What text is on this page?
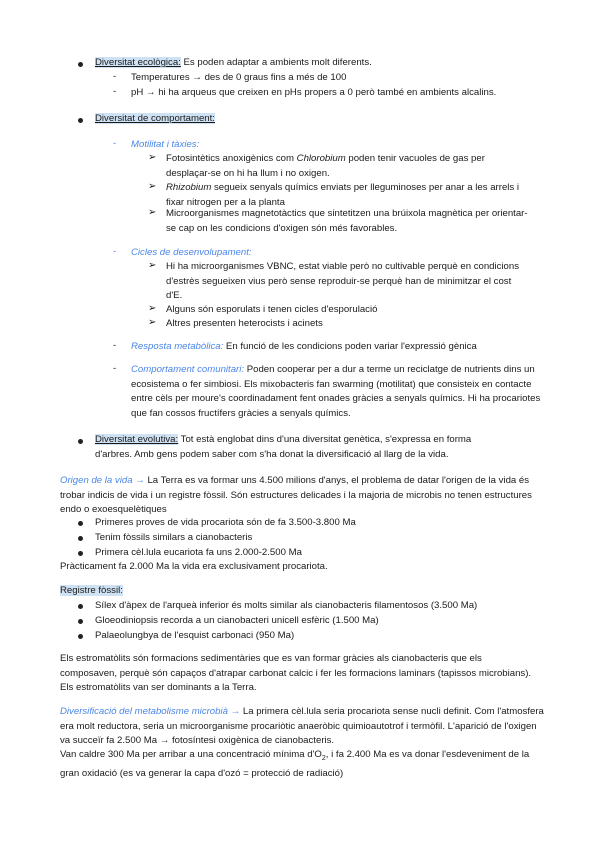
Diversitat ecològica: Es poden adaptar a ambients molt diferents.
- Temperatures → des de 0 graus fins a més de 100
- pH → hi ha arqueus que creixen en pHs propers a 0 però també en ambients alcalins.
Diversitat de comportament:
- Motilitat i tàxies:
➢ Fotosintètics anoxigènics com Chlorobium poden tenir vacuoles de gas per desplaçar-se on hi ha llum i no oxigen.
➢ Rhizobium segueix senyals químics enviats per lleguminoses per anar a les arrels i fixar nitrogen per a la planta
➢ Microorganismes magnetotàctics que sintetitzen una brúixola magnètica per orientar-se cap on les condicions d'oxigen són més favorables.
- Cicles de desenvolupament:
➢ Hi ha microorganismes VBNC, estat viable però no cultivable perquè en condicions d'estrès segueixen vius però sense reproduir-se perquè han de minimitzar el cost d'E.
➢ Alguns són esporulats i tenen cicles d'esporulació
➢ Altres presenten heterocists i acinets
- Resposta metabòlica: En funció de les condicions poden variar l'expressió gènica
- Comportament comunitari: Poden cooperar per a dur a terme un reciclatge de nutrients dins un ecosistema o fer simbiosi. Els mixobacteris fan swarming (motilitat) que consisteix en contacte entre cèls per moure's coordinadament fent onades gràcies a senyals químics. Hi ha procariotes que fan cossos fructífers gràcies a senyals químics.
Diversitat evolutiva: Tot està englobat dins d'una diversitat genètica, s'expressa en forma d'arbres. Amb gens podem saber com s'ha donat la diversificació al llarg de la vida.
Origen de la vida → La Terra es va formar uns 4.500 milions d'anys, el problema de datar l'origen de la vida és trobar indicis de vida i un registre fòssil. Són estructures delicades i la majoria de microbis no tenen estructures endo o exoesquelètiques
Primeres proves de vida procariota són de fa 3.500-3.800 Ma
Tenim fòssils similars a cianobacteris
Primera cèl.lula eucariota fa uns 2.000-2.500 Ma
Pràcticament fa 2.000 Ma la vida era exclusivament procariota.
Registre fòssil:
Sílex d'àpex de l'arqueà inferior és molts similar als cianobacteris filamentosos (3.500 Ma)
Gloeodiniopsis recorda a un cianobacteri unicell esfèric (1.500 Ma)
Palaeolungbya de l'esquist carbonaci (950 Ma)
Els estromatòlits són formacions sedimentàries que es van formar gràcies als cianobacteris que els composaven, perquè són capaços d'atrapar carbonat calcic i fer les formacions laminars (tapissos microbians). Els estromatòlits van ser dominants a la Terra.
Diversificació del metabolisme microbià → La primera cèl.lula seria procariota sense nucli definit. Com l'atmosfera era molt reductora, seria un microorganisme procariòtic anaeròbic quimioautotrof i termòfil. L'aparició de l'oxigen va succeïr fa 2.500 Ma → fotosíntesi oxigènica de cianobacteris.
Van caldre 300 Ma per arribar a una concentració mínima $d'O_2$, i fa 2.400 Ma es va donar l'esdeveniment de la gran oxidació (es va generar la capa d'ozó = protecció de radiació)
